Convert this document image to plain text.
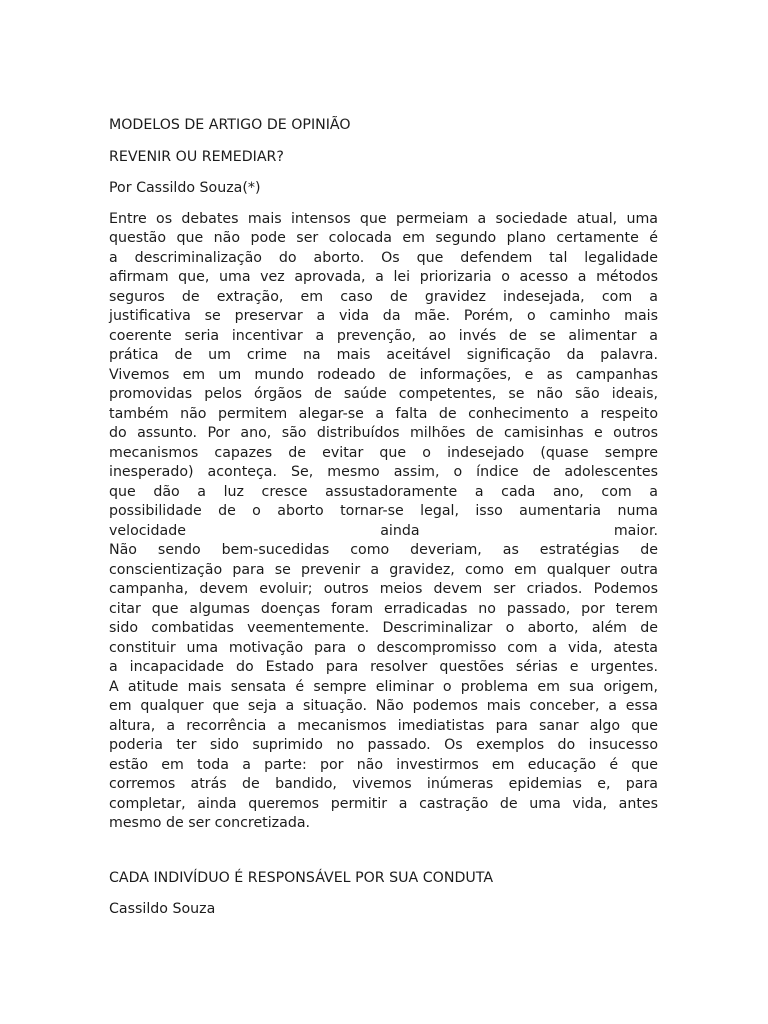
MODELOS DE ARTIGO DE OPINIÃO

REVENIR OU REMEDIAR?

Por Cassildo Souza(*)

Entre os debates mais intensos que permeiam a sociedade atual, uma
questão que não pode ser colocada em segundo plano certamente é
a descriminalização do aborto. Os que defendem tal legalidade
afirmam que, uma vez aprovada, a lei priorizaria o acesso a métodos
seguros de extração, em caso de gravidez indesejada, com a
justificativa se preservar a vida da mãe. Porém, o caminho mais
coerente seria incentivar a prevenção, ao invés de se alimentar a
prática de um crime na mais aceitável significação da palavra.
Vivemos em um mundo rodeado de informações, e as campanhas
promovidas pelos órgãos de saúde competentes, se não são ideais,
também não permitem alegar-se a falta de conhecimento a respeito
do assunto. Por ano, são distribuídos milhões de camisinhas e outros
mecanismos capazes de evitar que o indesejado (quase sempre
inesperado) aconteça. Se, mesmo assim, o índice de adolescentes
que dão a luz cresce assustadoramente a cada ano, com a
possibilidade de o aborto tornar-se legal, isso aumentaria numa
velocidade ainda maior.
Não sendo bem-sucedidas como deveriam, as estratégias de
conscientização para se prevenir a gravidez, como em qualquer outra
campanha, devem evoluir; outros meios devem ser criados. Podemos
citar que algumas doenças foram erradicadas no passado, por terem
sido combatidas veementemente. Descriminalizar o aborto, além de
constituir uma motivação para o descompromisso com a vida, atesta
a incapacidade do Estado para resolver questões sérias e urgentes.
A atitude mais sensata é sempre eliminar o problema em sua origem,
em qualquer que seja a situação. Não podemos mais conceber, a essa
altura, a recorrência a mecanismos imediatistas para sanar algo que
poderia ter sido suprimido no passado. Os exemplos do insucesso
estão em toda a parte: por não investirmos em educação é que
corremos atrás de bandido, vivemos inúmeras epidemias e, para
completar, ainda queremos permitir a castração de uma vida, antes
mesmo de ser concretizada.

CADA INDIVÍDUO É RESPONSÁVEL POR SUA CONDUTA

Cassildo Souza
